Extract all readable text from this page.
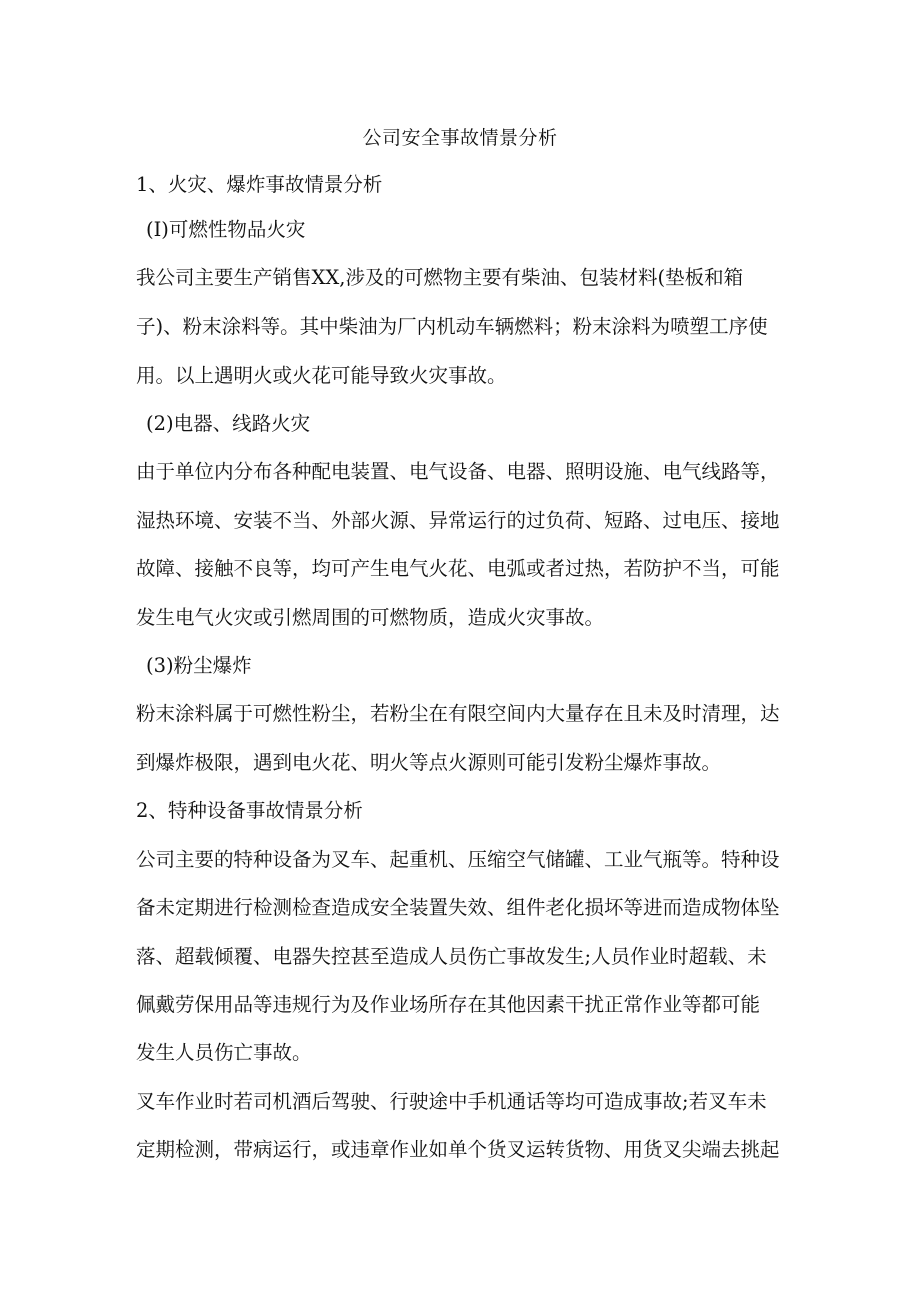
公司安全事故情景分析
1、火灾、爆炸事故情景分析
(I)可燃性物品火灾
我公司主要生产销售XX,涉及的可燃物主要有柴油、包装材料(垫板和箱
子)、粉末涂料等。其中柴油为厂内机动车辆燃料；粉末涂料为喷塑工序使
用。以上遇明火或火花可能导致火灾事故。
(2)电器、线路火灾
由于单位内分布各种配电装置、电气设备、电器、照明设施、电气线路等，
湿热环境、安装不当、外部火源、异常运行的过负荷、短路、过电压、接地
故障、接触不良等，均可产生电气火花、电弧或者过热，若防护不当，可能
发生电气火灾或引燃周围的可燃物质，造成火灾事故。
(3)粉尘爆炸
粉末涂料属于可燃性粉尘，若粉尘在有限空间内大量存在且未及时清理，达
到爆炸极限，遇到电火花、明火等点火源则可能引发粉尘爆炸事故。
2、特种设备事故情景分析
公司主要的特种设备为叉车、起重机、压缩空气储罐、工业气瓶等。特种设
备未定期进行检测检查造成安全装置失效、组件老化损坏等进而造成物体坠
落、超载倾覆、电器失控甚至造成人员伤亡事故发生;人员作业时超载、未
佩戴劳保用品等违规行为及作业场所存在其他因素干扰正常作业等都可能
发生人员伤亡事故。
叉车作业时若司机酒后驾驶、行驶途中手机通话等均可造成事故;若叉车未
定期检测，带病运行，或违章作业如单个货叉运转货物、用货叉尖端去挑起
